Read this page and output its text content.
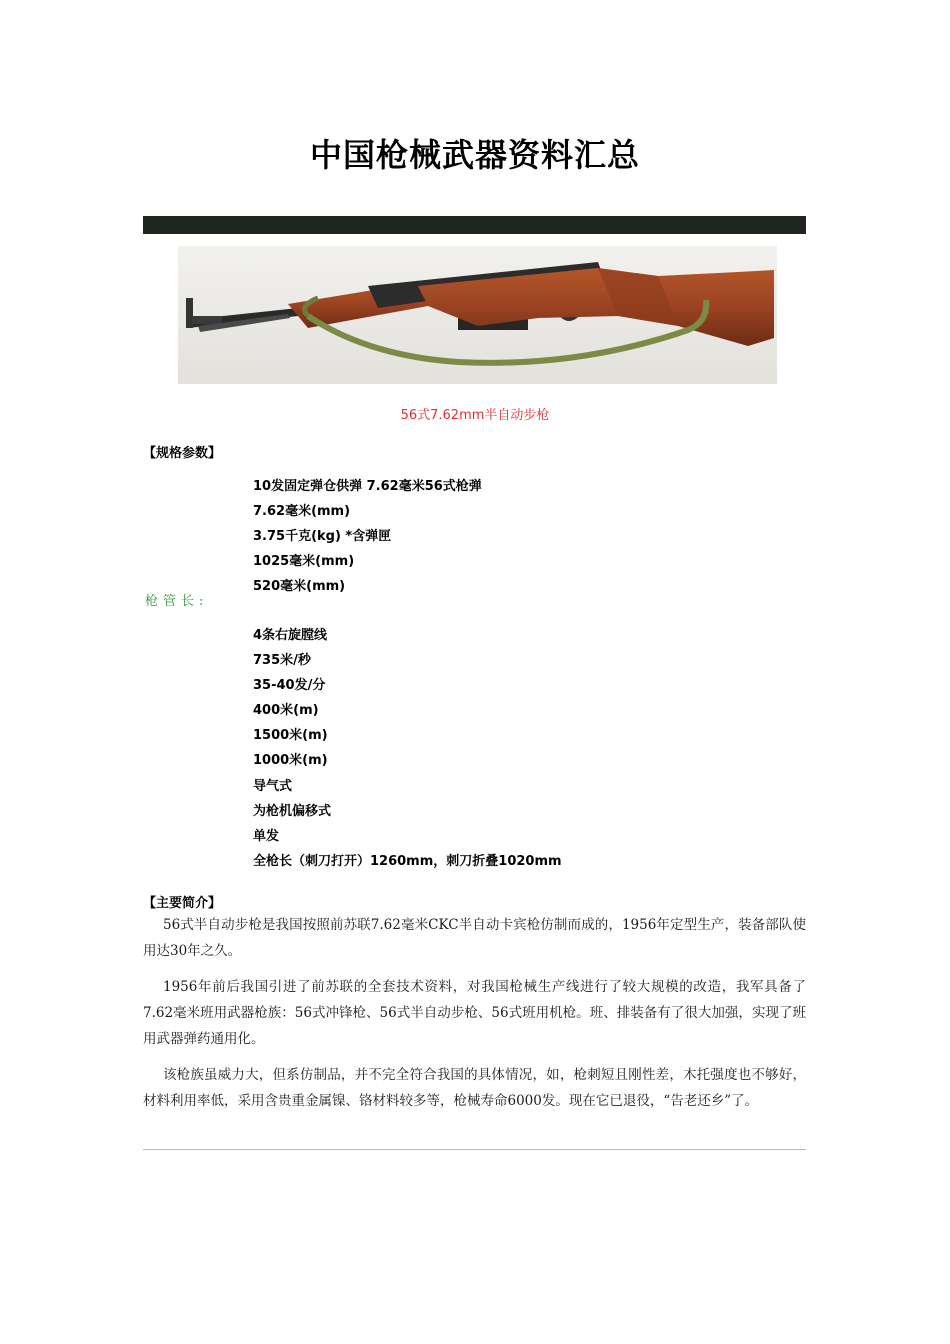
中国枪械武器资料汇总
56式7.62mm半自动步枪
【规格参数】
10发固定弹仓供弹 7.62毫米56式枪弹
7.62毫米(mm)
3.75千克(kg) *含弹匣
1025毫米(mm)
520毫米(mm)
枪管长:
4条右旋膛线
735米/秒
35-40发/分
400米(m)
1500米(m)
1000米(m)
导气式
为枪机偏移式
单发
全枪长（刺刀打开）1260mm，刺刀折叠1020mm
【主要简介】

56式半自动步枪是我国按照前苏联7.62毫米CKC半自动卡宾枪仿制而成的，1956年定型生产，装备部队使用达30年之久。

1956年前后我国引进了前苏联的全套技术资料，对我国枪械生产线进行了较大规模的改造，我军具备了7.62毫米班用武器枪族：56式冲锋枪、56式半自动步枪、56式班用机枪。班、排装备有了很大加强，实现了班用武器弹药通用化。

该枪族虽威力大，但系仿制品，并不完全符合我国的具体情况，如，枪刺短且刚性差，木托强度也不够好，材料利用率低，采用含贵重金属镍、铬材料较多等，枪械寿命6000发。现在它已退役，“告老还乡”了。
